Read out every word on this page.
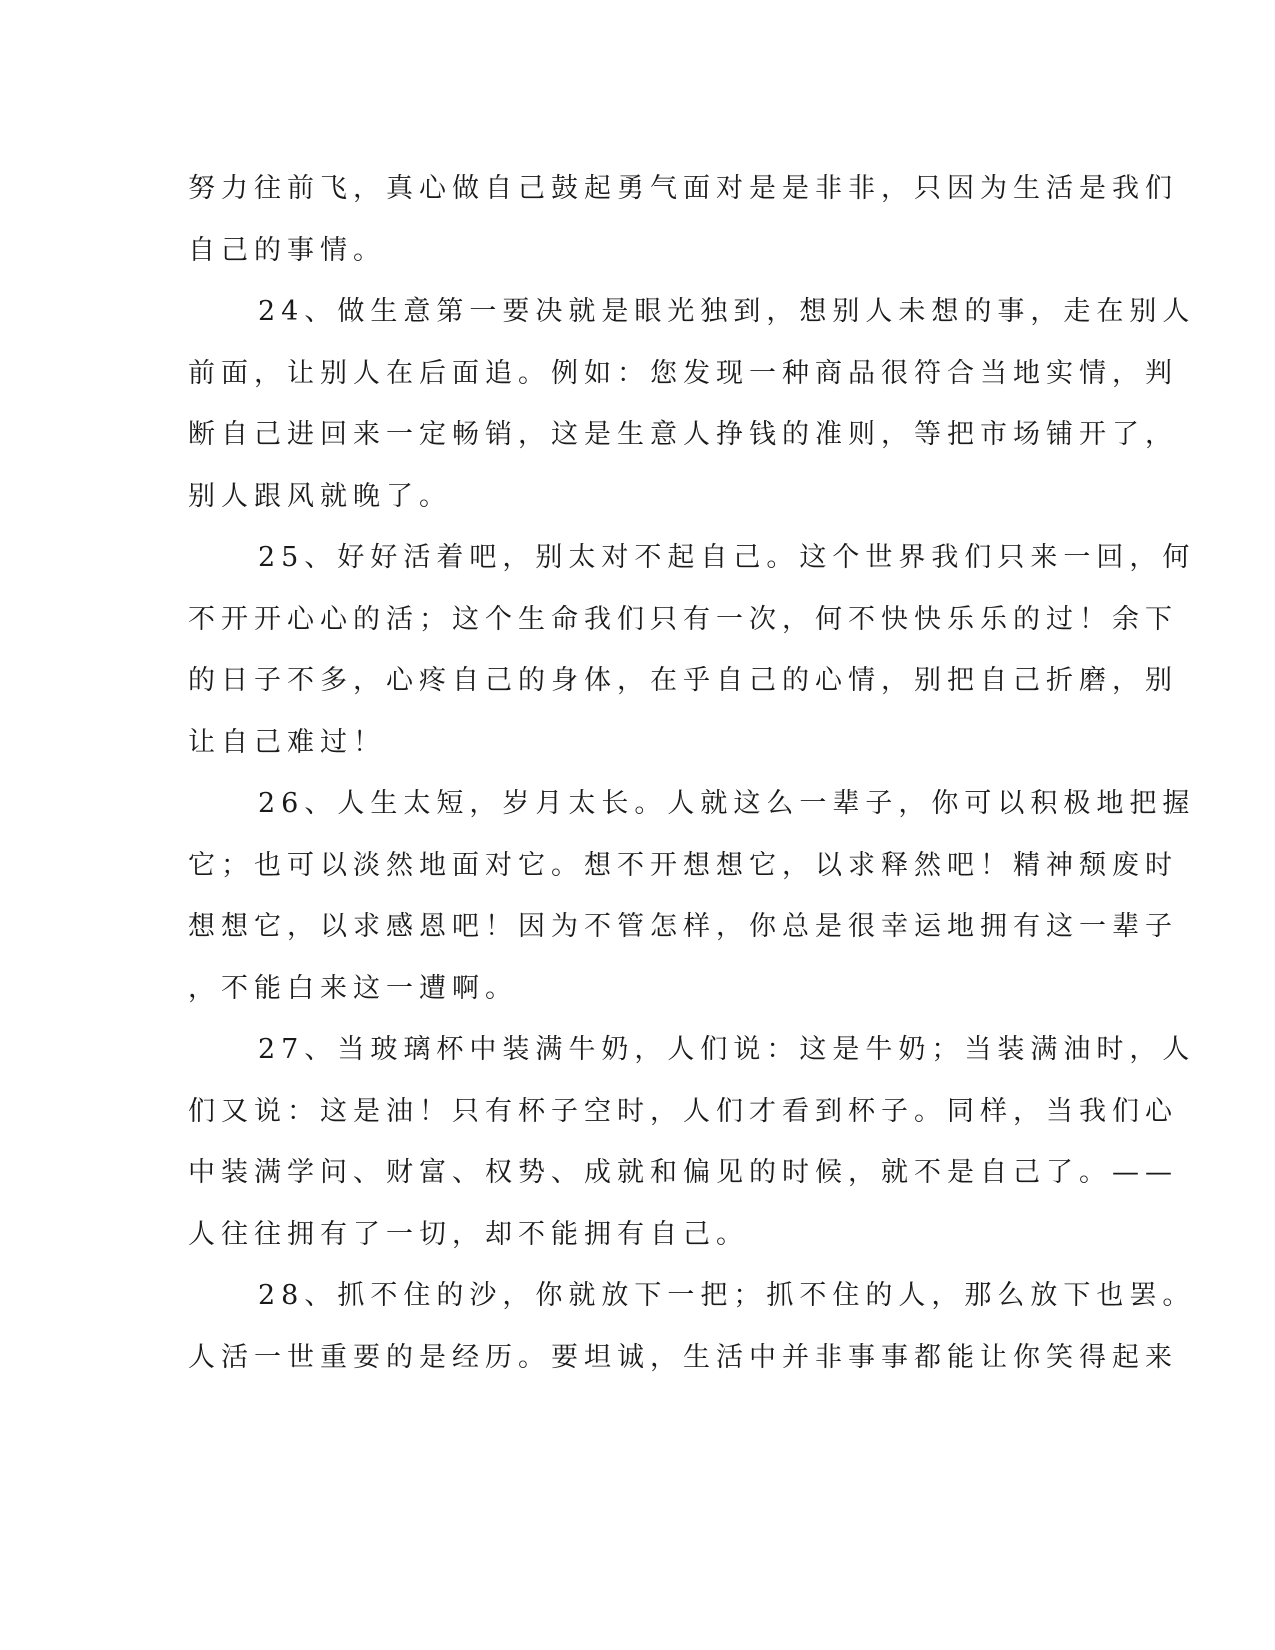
努力往前飞，真心做自己鼓起勇气面对是是非非，只因为生活是我们
自己的事情。
24、做生意第一要决就是眼光独到，想别人未想的事，走在别人
前面，让别人在后面追。例如：您发现一种商品很符合当地实情，判
断自己进回来一定畅销，这是生意人挣钱的准则，等把市场铺开了，
别人跟风就晚了。
25、好好活着吧，别太对不起自己。这个世界我们只来一回，何
不开开心心的活；这个生命我们只有一次，何不快快乐乐的过！余下
的日子不多，心疼自己的身体，在乎自己的心情，别把自己折磨，别
让自己难过！
26、人生太短，岁月太长。人就这么一辈子，你可以积极地把握
它；也可以淡然地面对它。想不开想想它，以求释然吧！精神颓废时
想想它，以求感恩吧！因为不管怎样，你总是很幸运地拥有这一辈子
，不能白来这一遭啊。
27、当玻璃杯中装满牛奶，人们说：这是牛奶；当装满油时，人
们又说：这是油！只有杯子空时，人们才看到杯子。同样，当我们心
中装满学问、财富、权势、成就和偏见的时候，就不是自己了。——
人往往拥有了一切，却不能拥有自己。
28、抓不住的沙，你就放下一把；抓不住的人，那么放下也罢。
人活一世重要的是经历。要坦诚，生活中并非事事都能让你笑得起来
